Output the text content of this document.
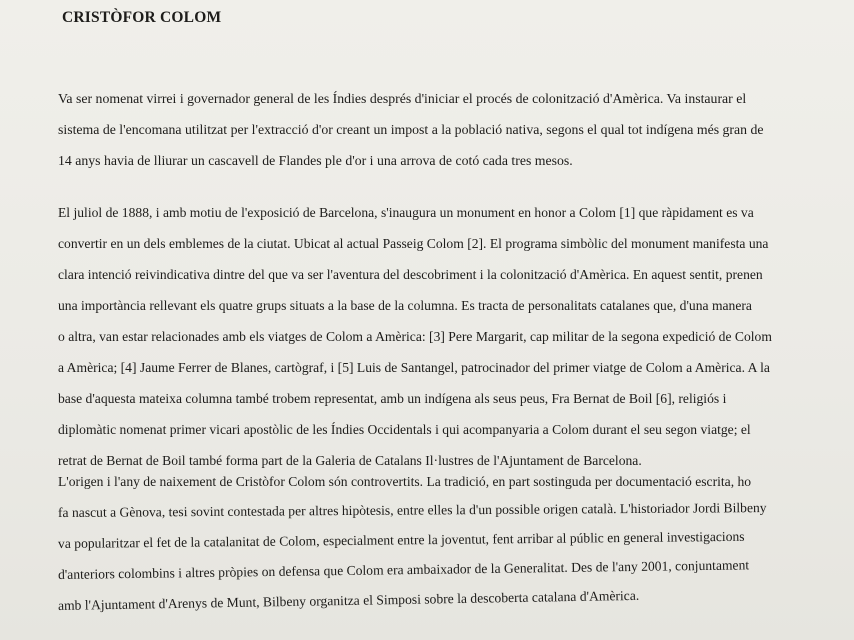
CRISTÒFOR COLOM
Va ser nomenat virrei i governador general de les Índies després d'iniciar el procés de colonització d'Amèrica. Va instaurar el
sistema de l'encomana utilitzat per l'extracció d'or creant un impost a la població nativa, segons el qual tot indígena més gran de
14 anys havia de lliurar un cascavell de Flandes ple d'or i una arrova de cotó cada tres mesos.
El juliol de 1888, i amb motiu de l'exposició de Barcelona, s'inaugura un monument en honor a Colom [1] que ràpidament es va
convertir en un dels emblemes de la ciutat. Ubicat al actual Passeig Colom [2]. El programa simbòlic del monument manifesta una
clara intenció reivindicativa dintre del que va ser l'aventura del descobriment i la colonització d'Amèrica. En aquest sentit, prenen
una importància rellevant els quatre grups situats a la base de la columna. Es tracta de personalitats catalanes que, d'una manera
o altra, van estar relacionades amb els viatges de Colom a Amèrica: [3] Pere Margarit, cap militar de la segona expedició de Colom
a Amèrica; [4] Jaume Ferrer de Blanes, cartògraf, i [5] Luis de Santangel, patrocinador del primer viatge de Colom a Amèrica. A la
base d'aquesta mateixa columna també trobem representat, amb un indígena als seus peus, Fra Bernat de Boil [6], religiós i
diplomàtic nomenat primer vicari apostòlic de les Índies Occidentals i qui acompanyaria a Colom durant el seu segon viatge; el
retrat de Bernat de Boil també forma part de la Galeria de Catalans Il·lustres de l'Ajuntament de Barcelona.
L'origen i l'any de naixement de Cristòfor Colom són controvertits. La tradició, en part sostinguda per documentació escrita, ho
fa nascut a Gènova, tesi sovint contestada per altres hipòtesis, entre elles la d'un possible origen català. L'historiador Jordi Bilbeny
va popularitzar el fet de la catalanitat de Colom, especialment entre la joventut, fent arribar al públic en general investigacions
d'anteriors colombins i altres pròpies on defensa que Colom era ambaixador de la Generalitat. Des de l'any 2001, conjuntament
amb l'Ajuntament d'Arenys de Munt, Bilbeny organitza el Simposi sobre la descoberta catalana d'Amèrica.
